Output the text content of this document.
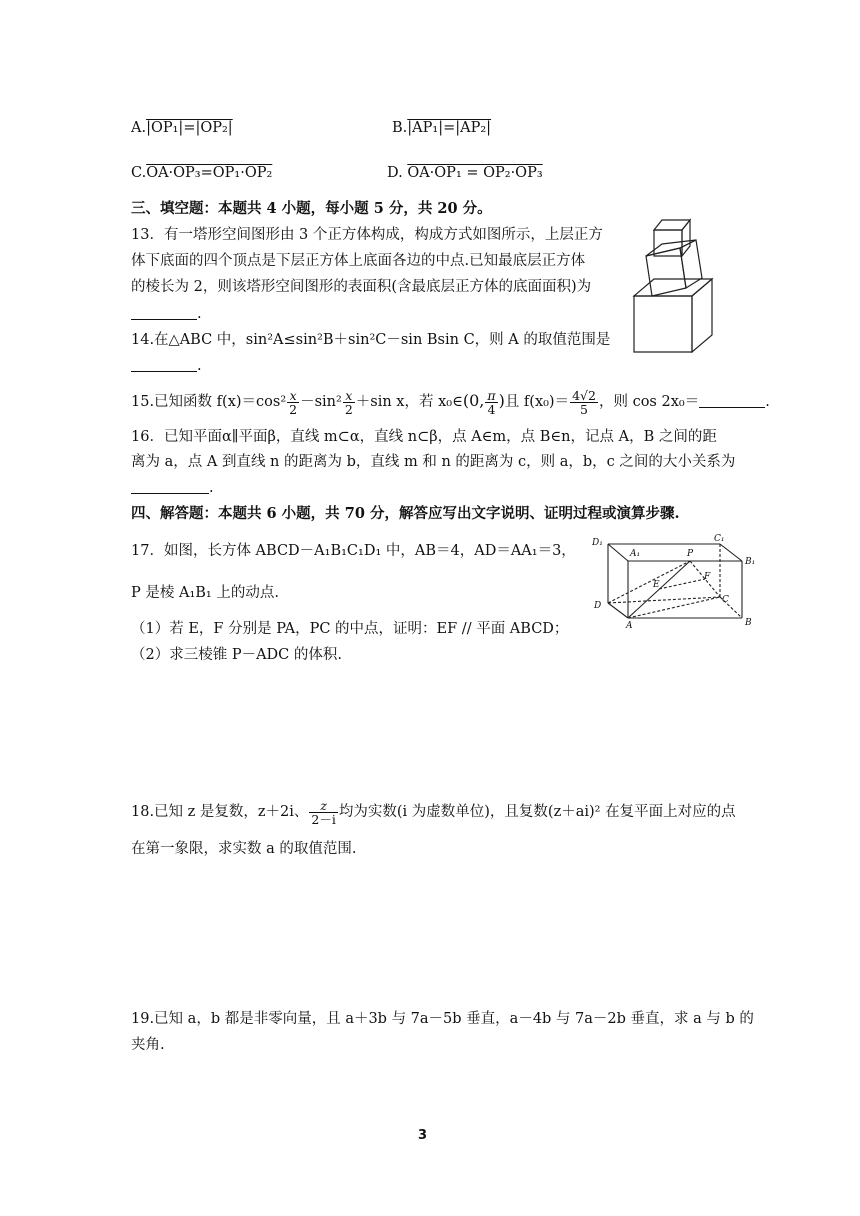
A.|OP₁|=|OP₂|	B.|AP₁|=|AP₂|
C.OA·OP₃=OP₁·OP₂	D. OA·OP₁ = OP₂·OP₃
三、填空题：本题共 4 小题，每小题 5 分，共 20 分。
13．有一塔形空间图形由 3 个正方体构成，构成方式如图所示，上层正方
体下底面的四个顶点是下层正方体上底面各边的中点.已知最底层正方体
的棱长为 2，则该塔形空间图形的表面积(含最底层正方体的底面面积)为
.
14.在△ABC 中，sin²A≤sin²B＋sin²C－sin Bsin C，则 A 的取值范围是
.
15.已知函数 $f(x)=\cos^2 \frac{x}{2} -\sin^2 \frac{x}{2} +\sin$ x，若 x₀∈(0, $\frac{\pi}{4}$ )且 $f(x_0)= \frac{4√2}{5}$ ，则 cos 2x₀＝	.
16．已知平面α∥平面β，直线 m⊂α，直线 n⊂β，点 A∈m，点 B∈n，记点 A，B 之间的距
离为 a，点 A 到直线 n 的距离为 b，直线 m 和 n 的距离为 c，则 a，b，c 之间的大小关系为
.
四、解答题：本题共 6 小题，共 70 分，解答应写出文字说明、证明过程或演算步骤.
17．如图，长方体 ABCD－A₁B₁C₁D₁ 中，AB＝4，AD＝AA₁＝3，
P 是棱 A₁B₁ 上的动点.
（1）若 E，F 分别是 PA，PC 的中点，证明：EF // 平面 ABCD；
（2）求三棱锥 P－ADC 的体积.
D₁
A₁	P
C₁
B₁
E
F
D
C
A	B
18.已知 z 是复数，z＋2i、 $\frac{z}{2-i}$ 均为实数(i 为虚数单位)，且复数(z＋ai)² 在复平面上对应的点
在第一象限，求实数 a 的取值范围.
19.已知 a，b 都是非零向量，且 a＋3b 与 7a－5b 垂直，a－4b 与 7a－2b 垂直，求 a 与 b 的
夹角.
3
